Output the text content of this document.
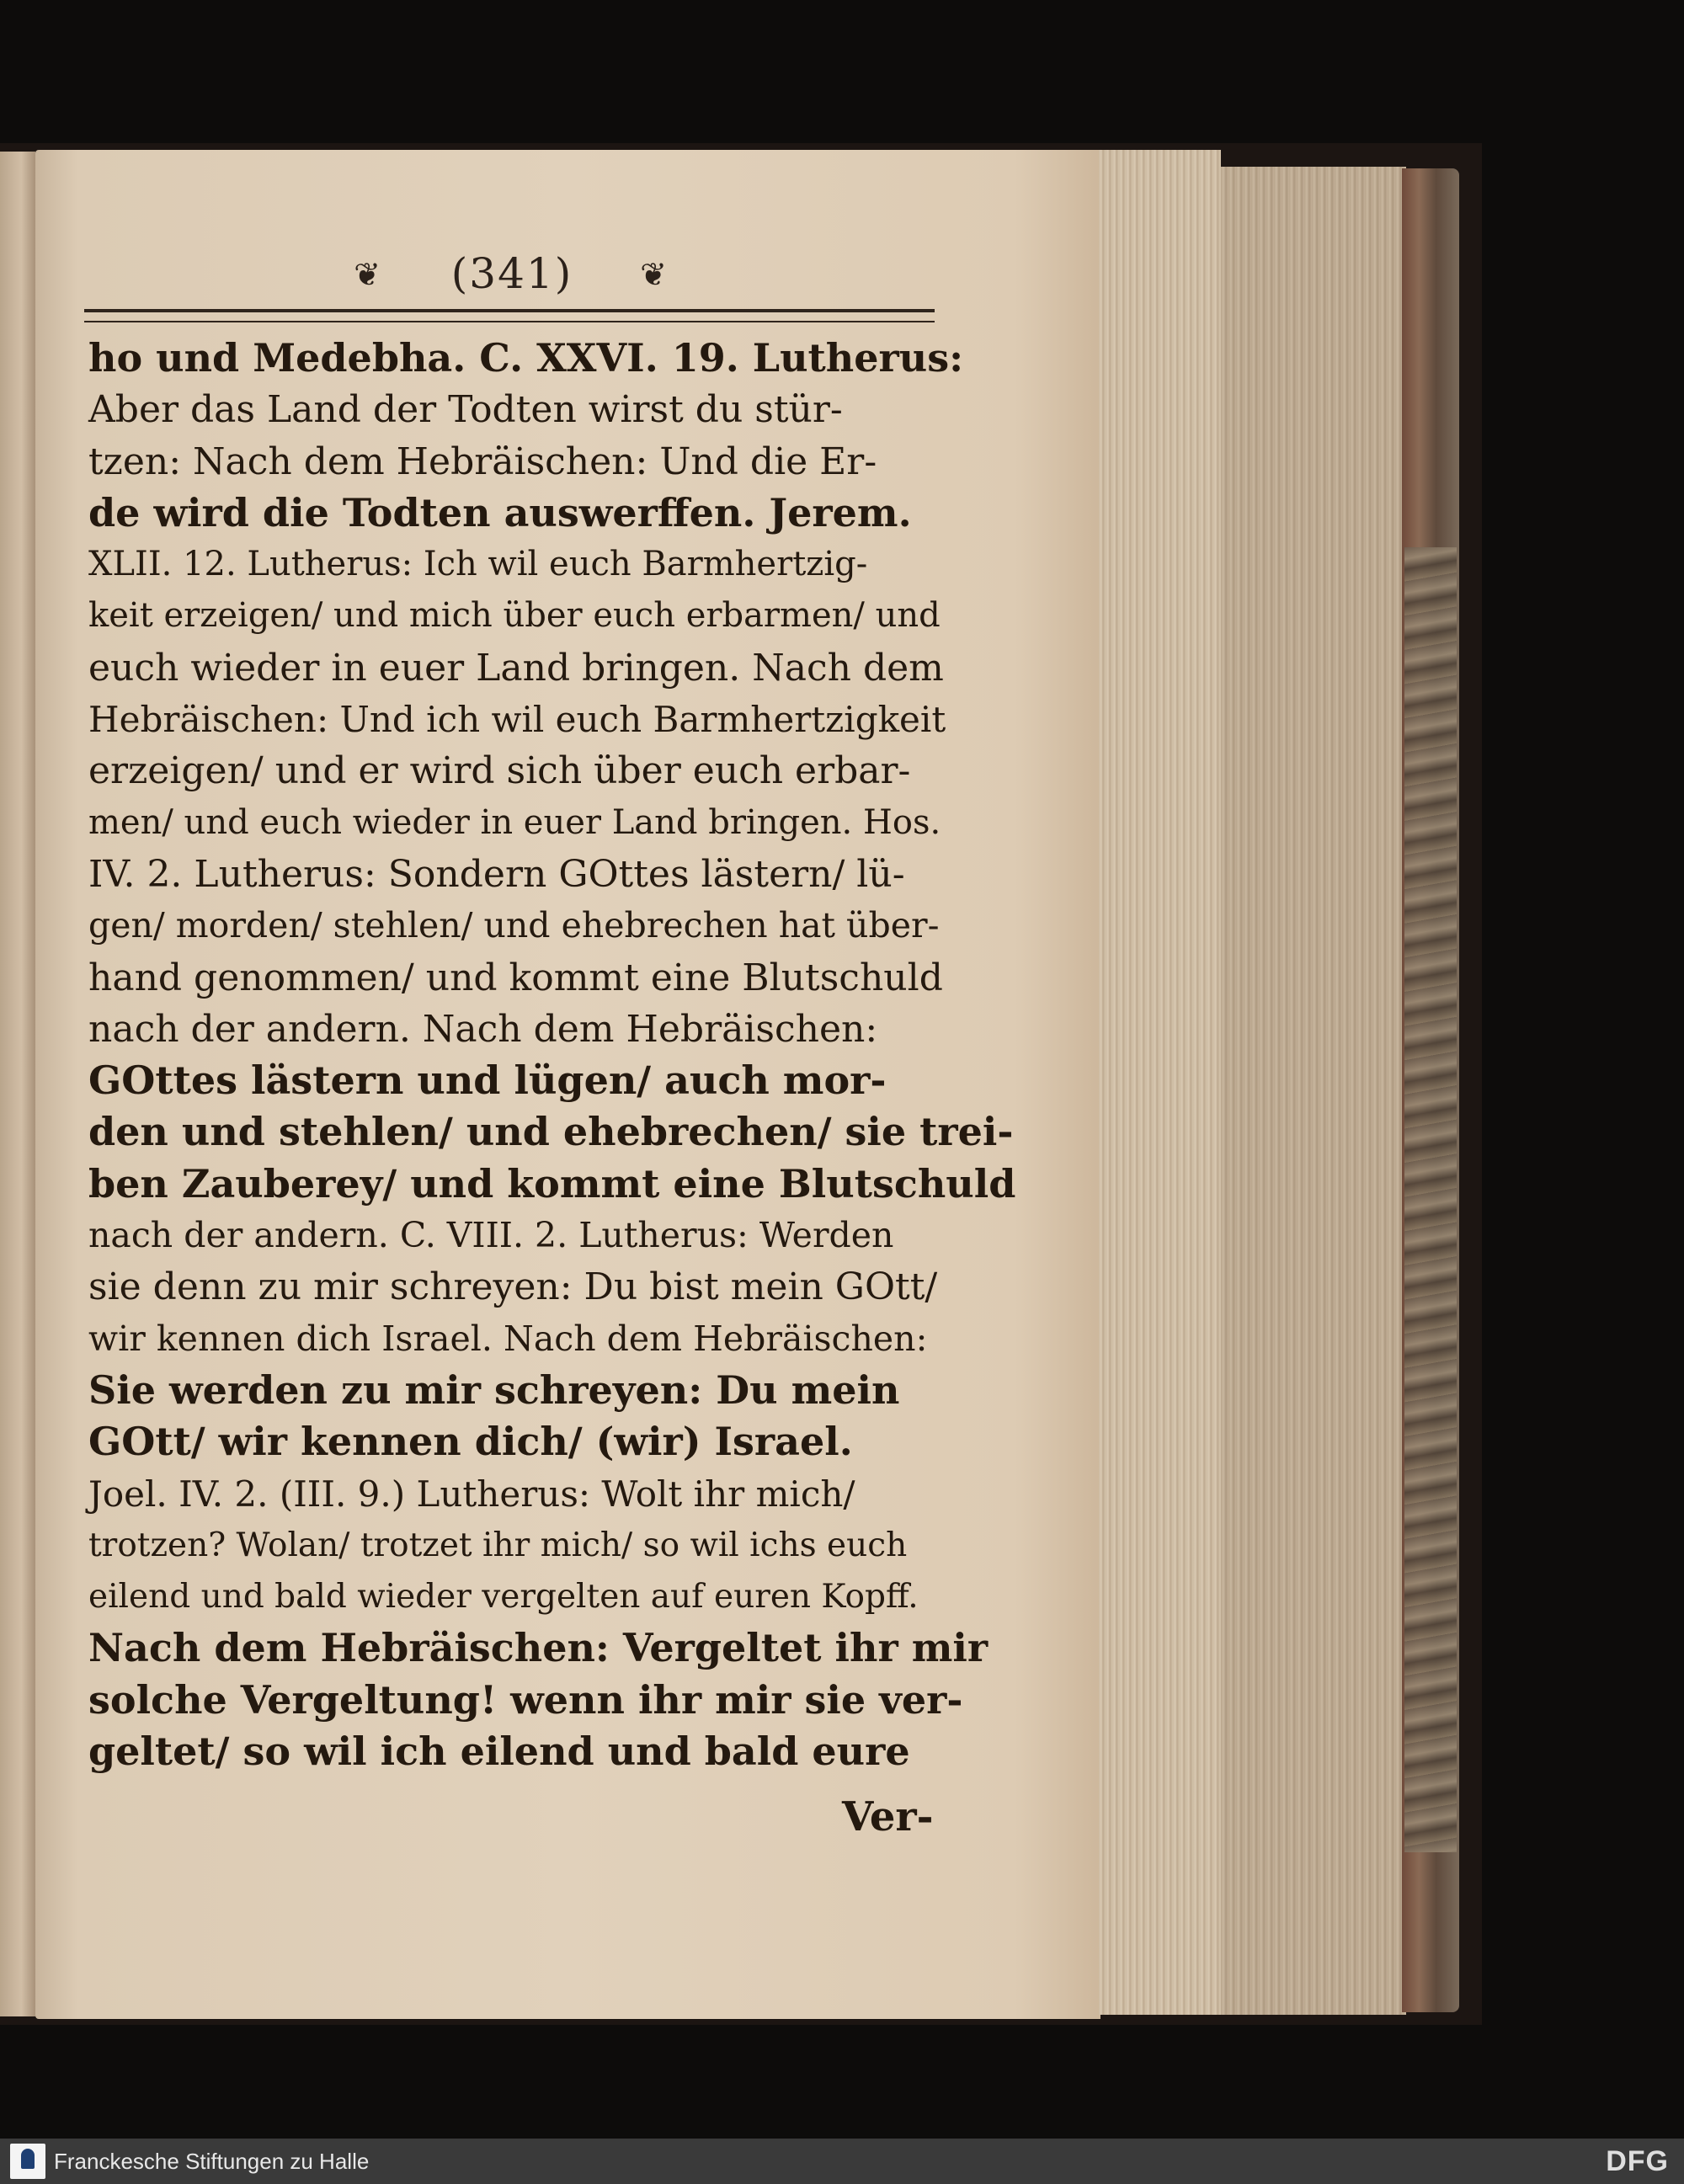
❦	(341)	❦
ho und Medebha. C. XXVI. 19. Lutherus:
Aber das Land der Todten wirst du stür-
tzen: Nach dem Hebräischen: Und die Er-
de wird die Todten auswerffen. Jerem.
XLII. 12. Lutherus: Ich wil euch Barmhertzig-
keit erzeigen/ und mich über euch erbarmen/ und
euch wieder in euer Land bringen. Nach dem
Hebräischen: Und ich wil euch Barmhertzigkeit
erzeigen/ und er wird sich über euch erbar-
men/ und euch wieder in euer Land bringen. Hos.
IV. 2. Lutherus: Sondern GOttes lästern/ lü-
gen/ morden/ stehlen/ und ehebrechen hat über-
hand genommen/ und kommt eine Blutschuld
nach der andern. Nach dem Hebräischen:
GOttes lästern und lügen/ auch mor-
den und stehlen/ und ehebrechen/ sie trei-
ben Zauberey/ und kommt eine Blutschuld
nach der andern. C. VIII. 2. Lutherus: Werden
sie denn zu mir schreyen: Du bist mein GOtt/
wir kennen dich Israel. Nach dem Hebräischen:
Sie werden zu mir schreyen: Du mein
GOtt/ wir kennen dich/ (wir) Israel.
Joel. IV. 2. (III. 9.) Lutherus: Wolt ihr mich/
trotzen? Wolan/ trotzet ihr mich/ so wil ichs euch
eilend und bald wieder vergelten auf euren Kopff.
Nach dem Hebräischen: Vergeltet ihr mir
solche Vergeltung! wenn ihr mir sie ver-
geltet/ so wil ich eilend und bald eure
Ver-
Franckesche Stiftungen zu Halle	DFG
